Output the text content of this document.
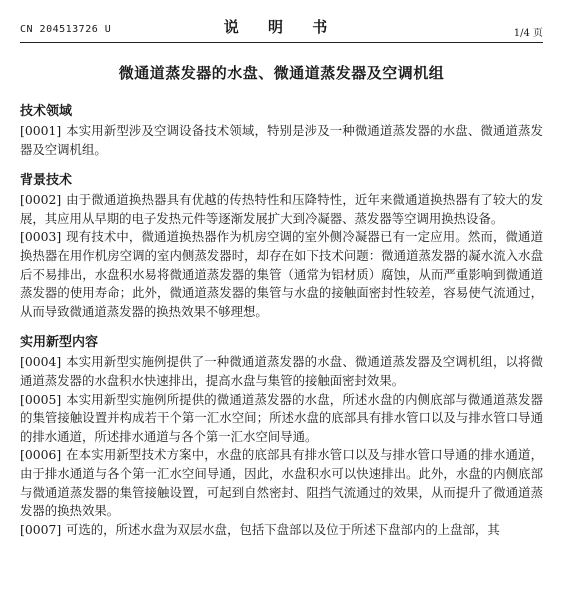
CN 204513726 U	说 明 书	1/4 页
微通道蒸发器的水盘、微通道蒸发器及空调机组

技术领域

[0001] 本实用新型涉及空调设备技术领域，特别是涉及一种微通道蒸发器的水盘、微通道蒸发器及空调机组。

背景技术

[0002] 由于微通道换热器具有优越的传热特性和压降特性，近年来微通道换热器有了较大的发展，其应用从早期的电子发热元件等逐渐发展扩大到冷凝器、蒸发器等空调用换热设备。

[0003] 现有技术中，微通道换热器作为机房空调的室外侧冷凝器已有一定应用。然而，微通道换热器在用作机房空调的室内侧蒸发器时，却存在如下技术问题：微通道蒸发器的凝水流入水盘后不易排出，水盘积水易将微通道蒸发器的集管（通常为铝材质）腐蚀，从而严重影响到微通道蒸发器的使用寿命；此外，微通道蒸发器的集管与水盘的接触面密封性较差，容易使气流通过，从而导致微通道蒸发器的换热效果不够理想。

实用新型内容

[0004] 本实用新型实施例提供了一种微通道蒸发器的水盘、微通道蒸发器及空调机组，以将微通道蒸发器的水盘积水快速排出，提高水盘与集管的接触面密封效果。

[0005] 本实用新型实施例所提供的微通道蒸发器的水盘，所述水盘的内侧底部与微通道蒸发器的集管接触设置并构成若干个第一汇水空间；所述水盘的底部具有排水管口以及与排水管口导通的排水通道，所述排水通道与各个第一汇水空间导通。

[0006] 在本实用新型技术方案中，水盘的底部具有排水管口以及与排水管口导通的排水通道，由于排水通道与各个第一汇水空间导通，因此，水盘积水可以快速排出。此外，水盘的内侧底部与微通道蒸发器的集管接触设置，可起到自然密封、阻挡气流通过的效果，从而提升了微通道蒸发器的换热效果。

[0007] 可选的，所述水盘为双层水盘，包括下盘部以及位于所述下盘部内的上盘部，其
